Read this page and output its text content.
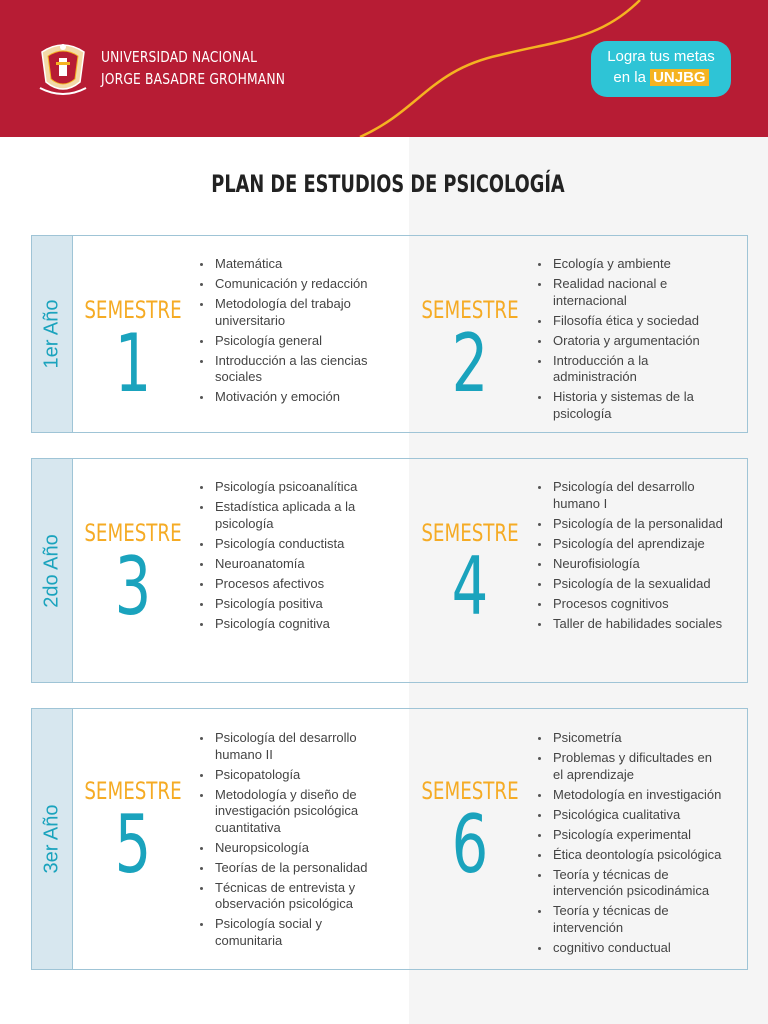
UNIVERSIDAD NACIONAL
JORGE BASADRE GROHMANN
Logra tus metas
en la UNJBG
PLAN DE ESTUDIOS DE PSICOLOGÍA
1er Año SEMESTRE
1
Matemática
Comunicación y redacción
Metodología del trabajo universitario
Psicología general
Introducción a las ciencias sociales
Motivación y emoción
SEMESTRE
2
Ecología y ambiente
Realidad nacional e internacional
Filosofía ética y sociedad
Oratoria y argumentación
Introducción a la administración
Historia y sistemas de la psicología
2do Año
SEMESTRE
3
Psicología psicoanalítica
Estadística aplicada a la psicología
Psicología conductista
Neuroanatomía
Procesos afectivos
Psicología positiva
Psicología cognitiva
SEMESTRE
4
Psicología del desarrollo humano I
Psicología de la personalidad
Psicología del aprendizaje
Neurofisiología
Psicología de la sexualidad
Procesos cognitivos
Taller de habilidades sociales
3er Año
SEMESTRE
5
Psicología del desarrollo humano II
Psicopatología
Metodología y diseño de investigación psicológica cuantitativa
Neuropsicología
Teorías de la personalidad
Técnicas de entrevista y observación psicológica
Psicología social y comunitaria
SEMESTRE
6
Psicometría
Problemas y dificultades en el aprendizaje
Metodología en investigación
Psicológica cualitativa
Psicología experimental
Ética deontología psicológica
Teoría y técnicas de intervención psicodinámica
Teoría y técnicas de intervención
cognitivo conductual
